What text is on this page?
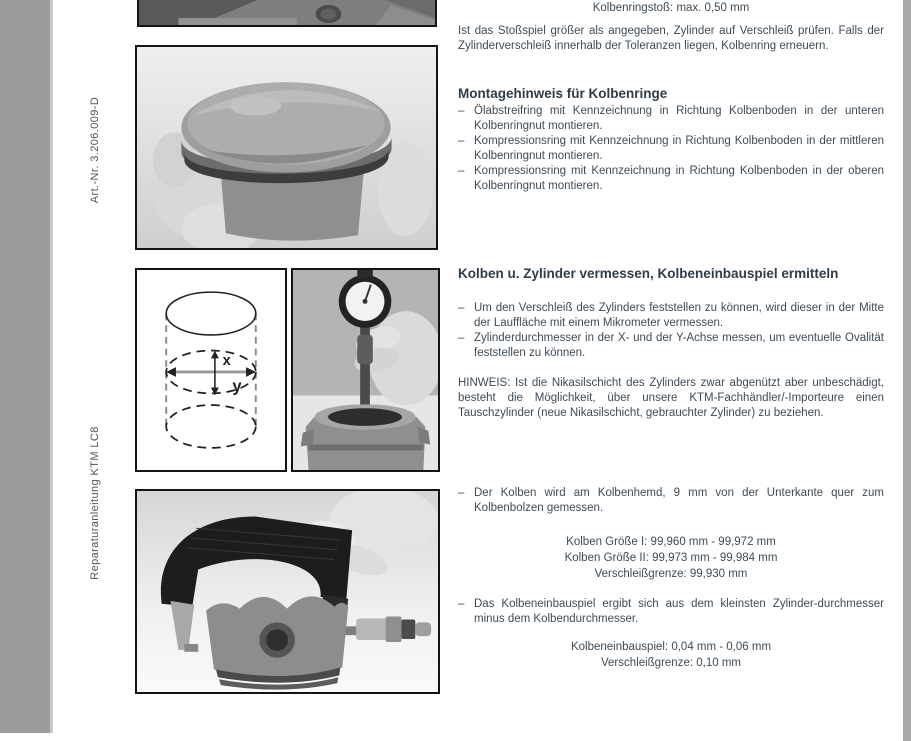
Art.-Nr. 3.206.009-D
Reparaturanleitung KTM LC8
x
y
Kolbenringstoß: max. 0,50 mm
Ist das Stoßspiel größer als angegeben, Zylinder auf Verschleiß prüfen. Falls der Zylinderverschleiß innerhalb der Toleranzen liegen, Kolbenring erneuern.
Montagehinweis für Kolbenringe
– Ölabstreifring mit Kennzeichnung in Richtung Kolbenboden in der unteren Kolbenringnut montieren.
– Kompressionsring mit Kennzeichnung in Richtung Kolbenboden in der mittleren Kolbenringnut montieren.
– Kompressionsring mit Kennzeichnung in Richtung Kolbenboden in der oberen Kolbenringnut montieren.
Kolben u. Zylinder vermessen, Kolbeneinbauspiel ermitteln
– Um den Verschleiß des Zylinders feststellen zu können, wird dieser in der Mitte der Lauffläche mit einem Mikrometer vermessen.
– Zylinderdurchmesser in der X- und der Y-Achse messen, um eventuelle Ovalität feststellen zu können.
HINWEIS: Ist die Nikasilschicht des Zylinders zwar abgenützt aber unbeschädigt, besteht die Möglichkeit, über unsere KTM-Fachhändler/-Importeure einen Tauschzylinder (neue Nikasilschicht, gebrauchter Zylinder) zu beziehen.
– Der Kolben wird am Kolbenhemd, 9 mm von der Unterkante quer zum Kolbenbolzen gemessen.
Kolben Größe I: 99,960 mm - 99,972 mm
Kolben Größe II: 99,973 mm - 99,984 mm
Verschleißgrenze: 99,930 mm
– Das Kolbeneinbauspiel ergibt sich aus dem kleinsten Zylinder-durchmesser minus dem Kolbendurchmesser.
Kolbeneinbauspiel: 0,04 mm - 0,06 mm
Verschleißgrenze: 0,10 mm
